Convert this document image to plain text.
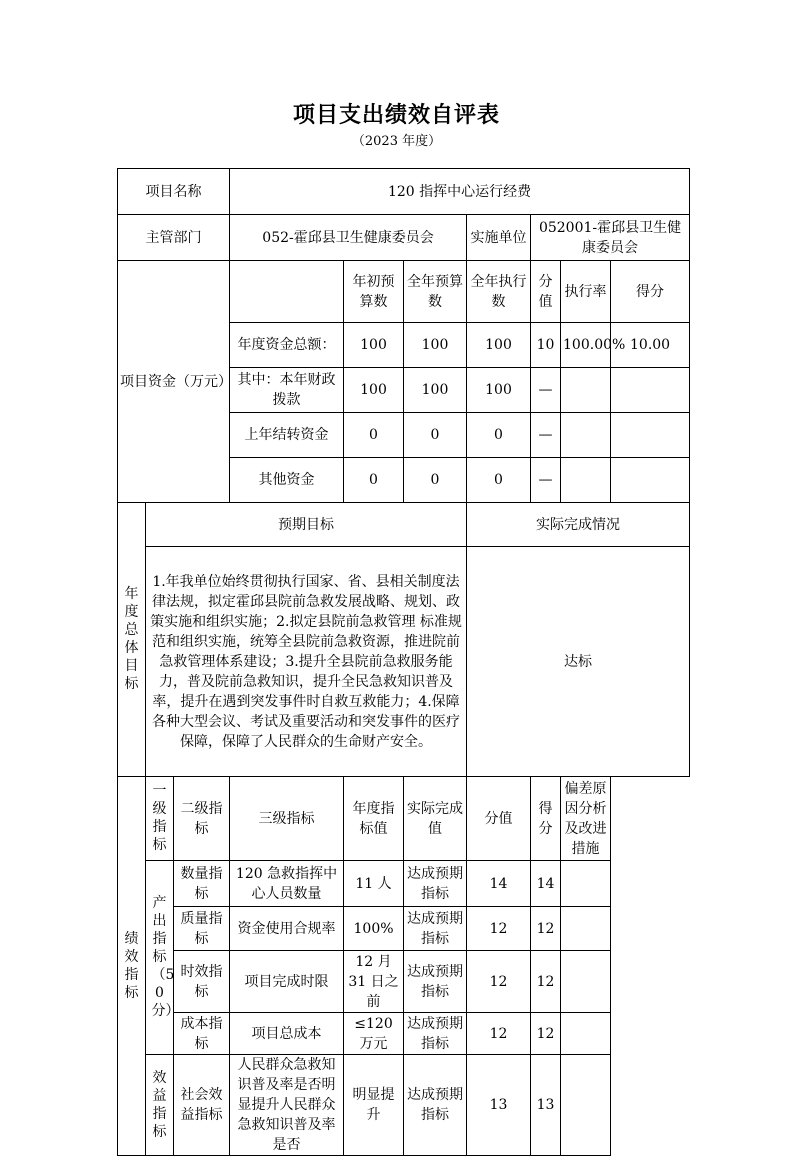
项目支出绩效自评表
（2023 年度）
项目名称			120 指挥中心运行经费						
主管部门			052-霍邱县卫生健康委员会			实施单位	052001-霍邱县卫生健康委员会		
项目资金（万元）				年初预算数	全年预算数	全年执行数	分值	执行率	得分
			年度资金总额：	100	100	100	10	100.00%	10.00
			其中：本年财政拨款	100	100	100	—		
			上年结转资金	0	0	0	—		
			其他资金	0	0	0	—		
年度总体目标	预期目标					实际完成情况			
	1.年我单位始终贯彻执行国家、省、县相关制度法律法规，拟定霍邱县院前急救发展战略、规划、政策实施和组织实施；2.拟定县院前急救管理 标准规范和组织实施，统筹全县院前急救资源，推进院前急救管理体系建设；3.提升全县院前急救服务能力，普及院前急救知识，提升全民急救知识普及率，提升在遇到突发事件时自救互救能力；4.保障各种大型会议、考试及重要活动和突发事件的医疗保障，保障了人民群众的生命财产安全。					达标			
绩效指标	一级指标	二级指标	三级指标	年度指标值	实际完成值	分值	得分	偏差原因分析及改进措施	
	产出指标（50分）	数量指标	120 急救指挥中心人员数量	11 人	达成预期指标	14	14		
		质量指标	资金使用合规率	100%	达成预期指标	12	12		
		时效指标	项目完成时限	12 月 31 日之前	达成预期指标	12	12		
		成本指标	项目总成本	≤120 万元	达成预期指标	12	12		
	效益指标	社会效益指标	人民群众急救知识普及率是否明显提升人民群众急救知识普及率是否	明显提升	达成预期指标	13	13		
